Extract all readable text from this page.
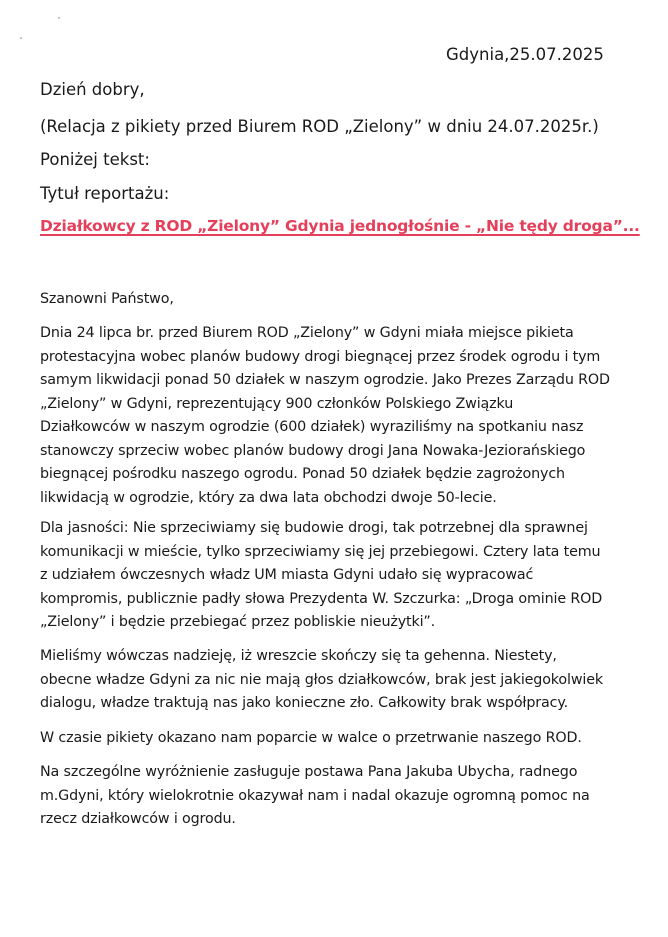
Gdynia,25.07.2025
Dzień dobry,
(Relacja z pikiety przed Biurem ROD „Zielony” w dniu 24.07.2025r.)
Poniżej tekst:
Tytuł reportażu:
Działkowcy z ROD „Zielony” Gdynia jednogłośnie - „Nie tędy droga”...
Szanowni Państwo,
Dnia 24 lipca br. przed Biurem ROD „Zielony” w Gdyni miała miejsce pikieta
protestacyjna wobec planów budowy drogi biegnącej przez środek ogrodu i tym
samym likwidacji ponad 50 działek w naszym ogrodzie. Jako Prezes Zarządu ROD
„Zielony” w Gdyni, reprezentujący 900 członków Polskiego Związku
Działkowców w naszym ogrodzie (600 działek) wyraziliśmy na spotkaniu nasz
stanowczy sprzeciw wobec planów budowy drogi Jana Nowaka-Jeziorańskiego
biegnącej pośrodku naszego ogrodu. Ponad 50 działek będzie zagrożonych
likwidacją w ogrodzie, który za dwa lata obchodzi dwoje 50-lecie.
Dla jasności: Nie sprzeciwiamy się budowie drogi, tak potrzebnej dla sprawnej
komunikacji w mieście, tylko sprzeciwiamy się jej przebiegowi. Cztery lata temu
z udziałem ówczesnych władz UM miasta Gdyni udało się wypracować
kompromis, publicznie padły słowa Prezydenta W. Szczurka: „Droga ominie ROD
„Zielony” i będzie przebiegać przez pobliskie nieużytki”.
Mieliśmy wówczas nadzieję, iż wreszcie skończy się ta gehenna. Niestety,
obecne władze Gdyni za nic nie mają głos działkowców, brak jest jakiegokolwiek
dialogu, władze traktują nas jako konieczne zło. Całkowity brak współpracy.
W czasie pikiety okazano nam poparcie w walce o przetrwanie naszego ROD.
Na szczególne wyróżnienie zasługuje postawa Pana Jakuba Ubycha, radnego
m.Gdyni, który wielokrotnie okazywał nam i nadal okazuje ogromną pomoc na
rzecz działkowców i ogrodu.
